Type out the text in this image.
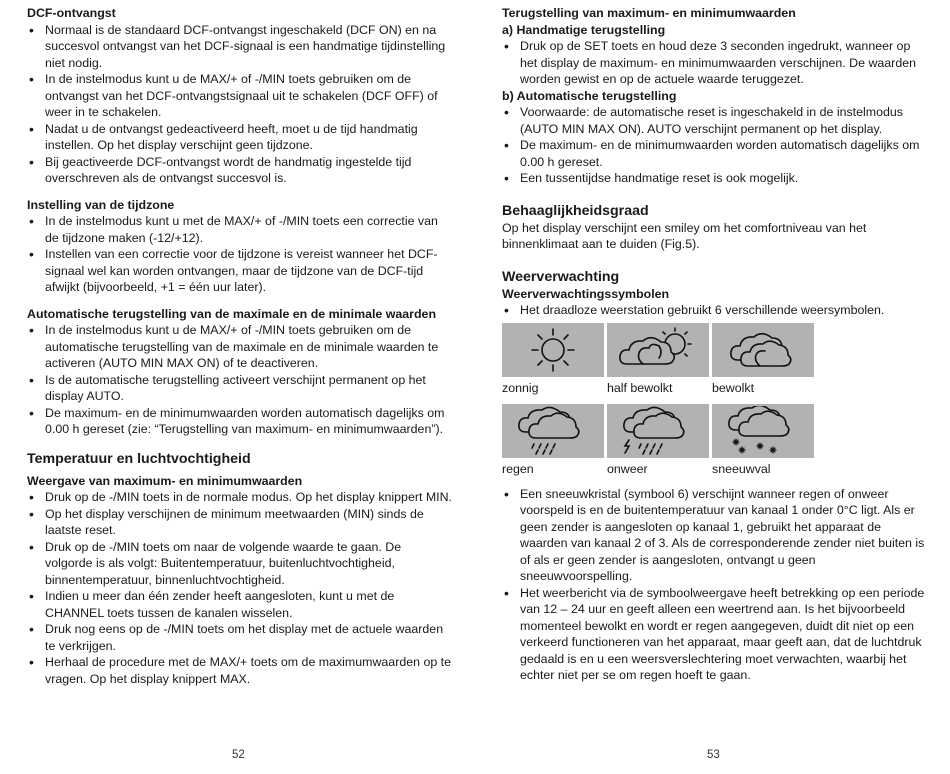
DCF-ontvangst
• Normaal is de standaard DCF-ontvangst ingeschakeld (DCF ON) en na succesvol ontvangst van het DCF-signaal is een handmatige tijdinstelling niet nodig.
• In de instelmodus kunt u de MAX/+ of -/MIN toets gebruiken om de ontvangst van het DCF-ontvangstsignaal uit te schakelen (DCF OFF) of weer in te schakelen.
• Nadat u de ontvangst gedeactiveerd heeft, moet u de tijd handmatig instellen. Op het display verschijnt geen tijdzone.
• Bij geactiveerde DCF-ontvangst wordt de handmatig ingestelde tijd overschreven als de ontvangst succesvol is.
Instelling van de tijdzone
• In de instelmodus kunt u met de MAX/+ of -/MIN toets een correctie van de tijdzone maken (-12/+12).
• Instellen van een correctie voor de tijdzone is vereist wanneer het DCF-signaal wel kan worden ontvangen, maar de tijdzone van de DCF-tijd afwijkt (bijvoorbeeld, +1 = één uur later).
Automatische terugstelling van de maximale en de minimale waarden
• In de instelmodus kunt u de MAX/+ of -/MIN toets gebruiken om de automatische terugstelling van de maximale en de minimale waarden te activeren (AUTO MIN MAX ON) of te deactiveren.
• Is de automatische terugstelling activeert verschijnt permanent op het display AUTO.
• De maximum- en de minimumwaarden worden automatisch dagelijks om 0.00 h gereset (zie: “Terugstelling van maximum- en minimumwaarden”).
Temperatuur en luchtvochtigheid
Weergave van maximum- en minimumwaarden
• Druk op de -/MIN toets in de normale modus. Op het display knippert MIN.
• Op het display verschijnen de minimum meetwaarden (MIN) sinds de laatste reset.
• Druk op de -/MIN toets om naar de volgende waarde te gaan. De volgorde is als volgt: Buitentemperatuur, buitenluchtvochtigheid, binnentemperatuur, binnenluchtvochtigheid.
• Indien u meer dan één zender heeft aangesloten, kunt u met de CHANNEL toets tussen de kanalen wisselen.
• Druk nog eens op de -/MIN toets om het display met de actuele waarden te verkrijgen.
• Herhaal de procedure met de MAX/+ toets om de maximumwaarden op te vragen. Op het display knippert MAX.
52
Terugstelling van maximum- en minimumwaarden
a) Handmatige terugstelling
• Druk op de SET toets en houd deze 3 seconden ingedrukt, wanneer op het display de maximum- en minimumwaarden verschijnen. De waarden worden gewist en op de actuele waarde teruggezet.
b) Automatische terugstelling
• Voorwaarde: de automatische reset is ingeschakeld in de instelmodus (AUTO MIN MAX ON). AUTO verschijnt permanent op het display.
• De maximum- en de minimumwaarden worden automatisch dagelijks om 0.00 h gereset.
• Een tussentijdse handmatige reset is ook mogelijk.
Behaaglijkheidsgraad
Op het display verschijnt een smiley om het comfortniveau van het binnenklimaat aan te duiden (Fig.5).
Weerverwachting
Weerverwachtingssymbolen
• Het draadloze weerstation gebruikt 6 verschillende weersymbolen.
zonnig	half bewolkt	bewolkt
regen	onweer	sneeuwval
• Een sneeuwkristal (symbool 6) verschijnt wanneer regen of onweer voorspeld is en de buitentemperatuur van kanaal 1 onder 0°C ligt. Als er geen zender is aangesloten op kanaal 1, gebruikt het apparaat de waarden van kanaal 2 of 3. Als de corresponderende zender niet buiten is of als er geen zender is aangesloten, ontvangt u geen sneeuwvoorspelling.
• Het weerbericht via de symboolweergave heeft betrekking op een periode van 12 – 24 uur en geeft alleen een weertrend aan. Is het bijvoorbeeld momenteel bewolkt en wordt er regen aangegeven, duidt dit niet op een verkeerd functioneren van het apparaat, maar geeft aan, dat de luchtdruk gedaald is en u een weersverslechtering moet verwachten, waarbij het echter niet per se om regen hoeft te gaan.
53
